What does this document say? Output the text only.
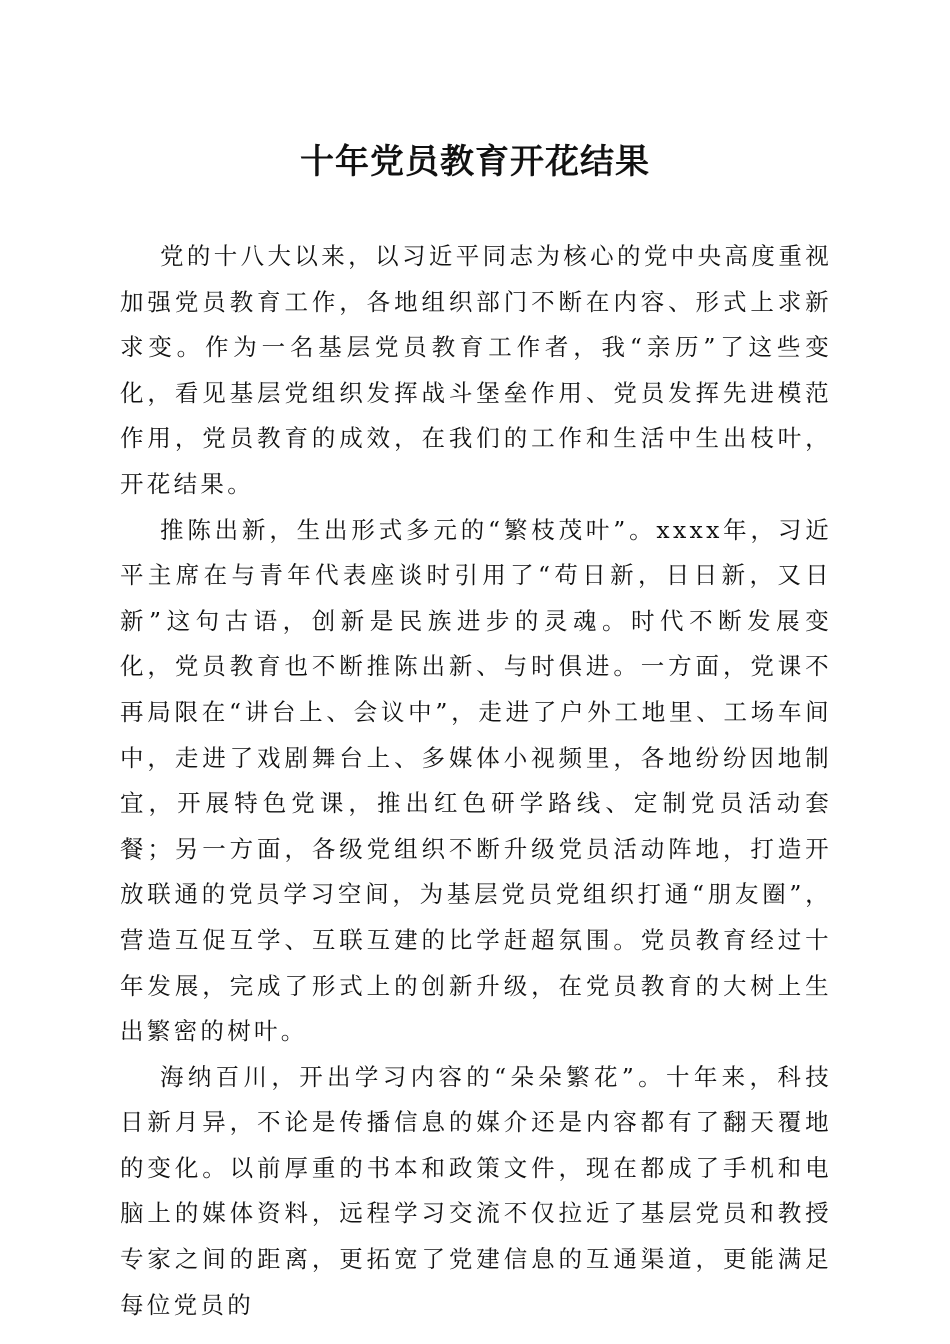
十年党员教育开花结果

党的十八大以来，以习近平同志为核心的党中央高度重视加强党员教育工作，各地组织部门不断在内容、形式上求新求变。作为一名基层党员教育工作者，我“亲历”了这些变化，看见基层党组织发挥战斗堡垒作用、党员发挥先进模范作用，党员教育的成效，在我们的工作和生活中生出枝叶，开花结果。

推陈出新，生出形式多元的“繁枝茂叶”。xxxx年，习近平主席在与青年代表座谈时引用了“苟日新，日日新，又日新”这句古语，创新是民族进步的灵魂。时代不断发展变化，党员教育也不断推陈出新、与时俱进。一方面，党课不再局限在“讲台上、会议中”，走进了户外工地里、工场车间中，走进了戏剧舞台上、多媒体小视频里，各地纷纷因地制宜，开展特色党课，推出红色研学路线、定制党员活动套餐；另一方面，各级党组织不断升级党员活动阵地，打造开放联通的党员学习空间，为基层党员党组织打通“朋友圈”，营造互促互学、互联互建的比学赶超氛围。党员教育经过十年发展，完成了形式上的创新升级，在党员教育的大树上生出繁密的树叶。

海纳百川，开出学习内容的“朵朵繁花”。十年来，科技日新月异，不论是传播信息的媒介还是内容都有了翻天覆地的变化。以前厚重的书本和政策文件，现在都成了手机和电脑上的媒体资料，远程学习交流不仅拉近了基层党员和教授专家之间的距离，更拓宽了党建信息的互通渠道，更能满足每位党员的
